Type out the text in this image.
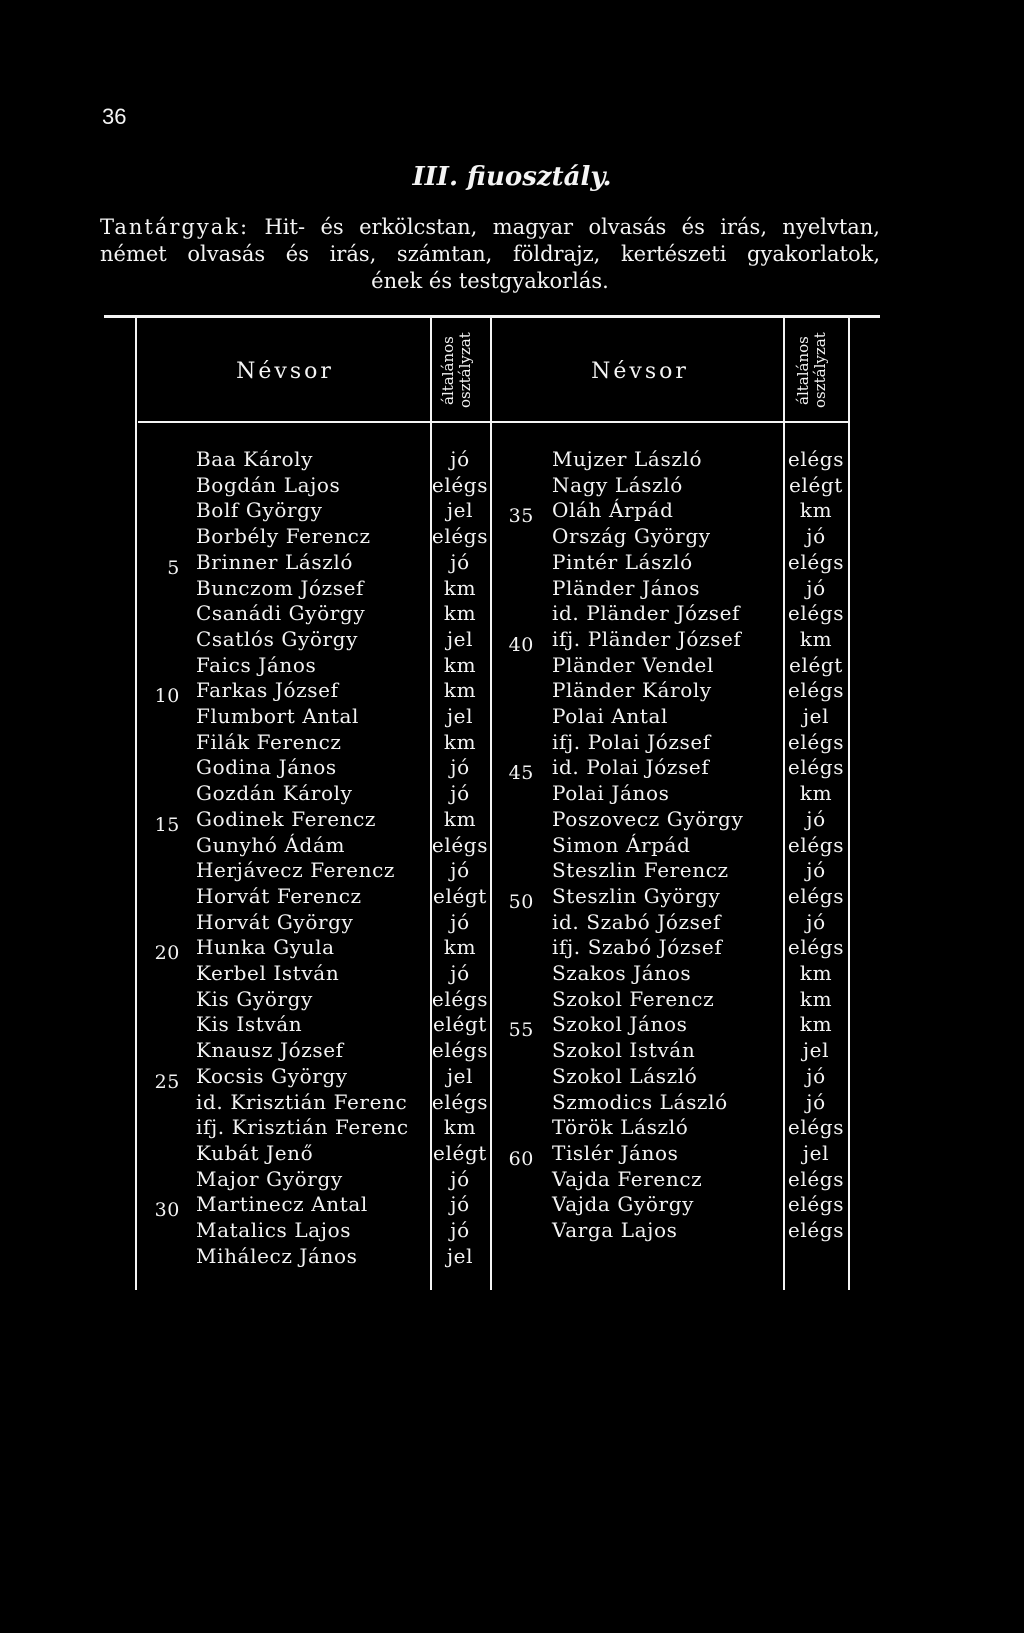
36
III. fiuosztály.
Tantárgyak: Hit- és erkölcstan, magyar olvasás és irás, nyelvtan,
német olvasás és irás, számtan, földrajz, kertészeti gyakorlatok,
ének és testgyakorlás.
Névsor	általános osztályzat	Névsor	általános osztályzat
Baa Károly	jó
Bogdán Lajos	elégs
Bolf György	jel
Borbély Ferencz	elégs
5 Brinner László	jó
Bunczom József	km
Csanádi György	km
Csatlós György	jel
Faics János	km
10 Farkas József	km
Flumbort Antal	jel
Filák Ferencz	km
Godina János	jó
Gozdán Károly	jó
15 Godinek Ferencz	km
Gunyhó Ádám	elégs
Herjávecz Ferencz	jó
Horvát Ferencz	elégt
Horvát György	jó
20 Hunka Gyula	km
Kerbel István	jó
Kis György	elégs
Kis István	elégt
Knausz József	elégs
25 Kocsis György	jel
id. Krisztián Ferenc elégs
ifj. Krisztián Ferenc	km
Kubát Jenő	elégt
Major György	jó
30 Martinecz Antal	jó
Matalics Lajos	jó
Mihálecz János	jel
Mujzer László	elégs
Nagy László	elégt
35 Oláh Árpád	km
Ország György	jó
Pintér László	elégs
Pländer János	jó
id. Pländer József elégs
40 ifj. Pländer József	km
Pländer Vendel	elégt
Pländer Károly	elégs
Polai Antal	jel
ifj. Polai József	elégs
45 id. Polai József	elégs
Polai János	km
Poszovecz György	jó
Simon Árpád	elégs
Steszlin Ferencz	jó
50 Steszlin György	elégs
id. Szabó József	jó
ifj. Szabó József	elégs
Szakos János	km
Szokol Ferencz	km
55 Szokol János	km
Szokol István	jel
Szokol László	jó
Szmodics László	jó
Török László	elégs
60 Tislér János	jel
Vajda Ferencz	elégs
Vajda György	elégs
Varga Lajos	elégs
